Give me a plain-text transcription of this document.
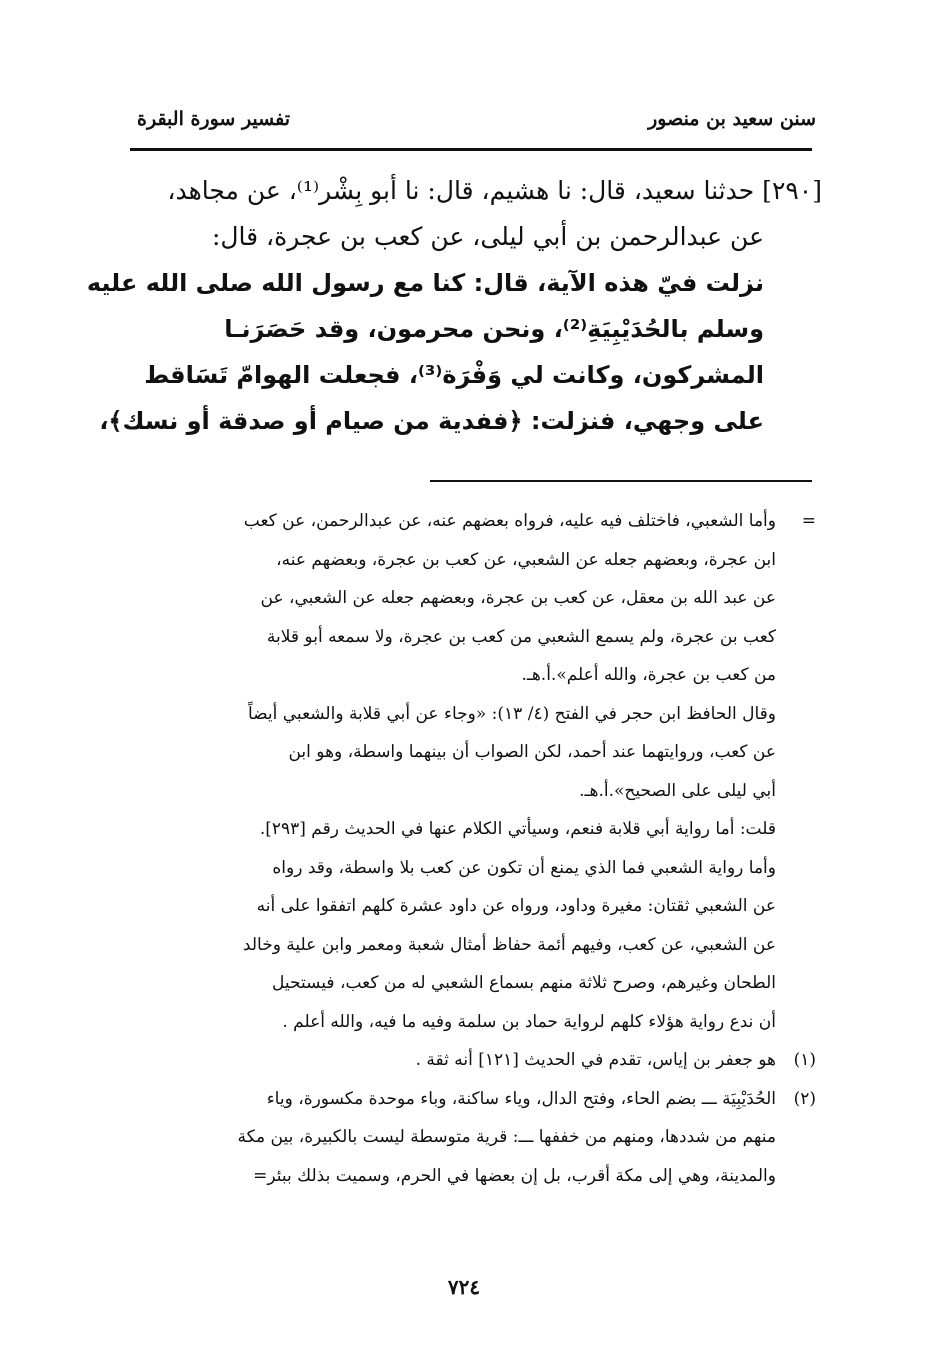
سنن سعيد بن منصور
تفسير سورة البقرة
[٢٩٠] حدثنا سعيد، قال: نا هشيم، قال: نا أبو بِشْر⁽¹⁾، عن مجاهد،
عن عبدالرحمن بن أبي ليلى، عن كعب بن عجرة، قال:
نزلت فيّ هذه الآية، قال: كنا مع رسول الله صلى الله عليه
وسلم بالحُدَيْبِيَةِ⁽²⁾، ونحن محرمون، وقد حَصَرَنـا
المشركون، وكانت لي وَفْرَة⁽³⁾، فجعلت الهوامّ تَسَاقط
على وجهي، فنزلت: ﴿ففدية من صيام أو صدقة أو نسك﴾،
=وأما الشعبي، فاختلف فيه عليه، فرواه بعضهم عنه، عن عبدالرحمن، عن كعب
ابن عجرة، وبعضهم جعله عن الشعبي، عن كعب بن عجرة، وبعضهم عنه،
عن عبد الله بن معقل، عن كعب بن عجرة، وبعضهم جعله عن الشعبي، عن
كعب بن عجرة، ولم يسمع الشعبي من كعب بن عجرة، ولا سمعه أبو قلابة
من كعب بن عجرة، والله أعلم».أ.هـ.
وقال الحافظ ابن حجر في الفتح (٤/ ١٣): «وجاء عن أبي قلابة والشعبي أيضاً
عن كعب، وروايتهما عند أحمد، لكن الصواب أن بينهما واسطة، وهو ابن
أبي ليلى على الصحيح».أ.هـ.
قلت: أما رواية أبي قلابة فنعم، وسيأتي الكلام عنها في الحديث رقم [٢٩٣].
وأما رواية الشعبي فما الذي يمنع أن تكون عن كعب بلا واسطة، وقد رواه
عن الشعبي ثقتان: مغيرة وداود، ورواه عن داود عشرة كلهم اتفقوا على أنه
عن الشعبي، عن كعب، وفيهم أئمة حفاظ أمثال شعبة ومعمر وابن علية وخالد
الطحان وغيرهم، وصرح ثلاثة منهم بسماع الشعبي له من كعب، فيستحيل
أن ندع رواية هؤلاء كلهم لرواية حماد بن سلمة وفيه ما فيه، والله أعلم .
(١)هو جعفر بن إياس، تقدم في الحديث [١٢١] أنه ثقة .
(٢)الحُدَيْبِيَة ـــ بضم الحاء، وفتح الدال، وياء ساكنة، وباء موحدة مكسورة، وياء
منهم من شددها، ومنهم من خففها ـــ: قرية متوسطة ليست بالكبيرة، بين مكة
والمدينة، وهي إلى مكة أقرب، بل إن بعضها في الحرم، وسميت بذلك ببئر=
٧٢٤
